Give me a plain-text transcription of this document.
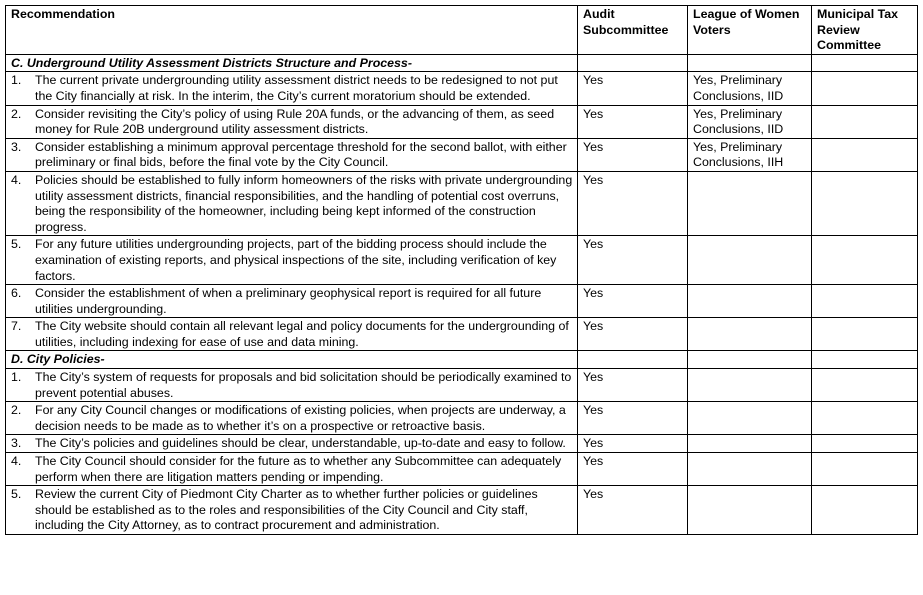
Recommendation	Audit Subcommittee	League of Women Voters	Municipal Tax Review Committee
C. Underground Utility Assessment Districts Structure and Process-			

1. The current private undergrounding utility assessment district needs to be redesigned to not put the City financially at risk. In the interim, the City’s current moratorium should be extended.	Yes	Yes, Preliminary Conclusions, IID	

2. Consider revisiting the City’s policy of using Rule 20A funds, or the advancing of them, as seed money for Rule 20B underground utility assessment districts.	Yes	Yes, Preliminary Conclusions, IID	

3. Consider establishing a minimum approval percentage threshold for the second ballot, with either preliminary or final bids, before the final vote by the City Council.	Yes	Yes, Preliminary Conclusions, IIH	

4. Policies should be established to fully inform homeowners of the risks with private undergrounding utility assessment districts, financial responsibilities, and the handling of potential cost overruns, being the responsibility of the homeowner, including being kept informed of the construction progress.	Yes		

5. For any future utilities undergrounding projects, part of the bidding process should include the examination of existing reports, and physical inspections of the site, including verification of key factors.	Yes		

6. Consider the establishment of when a preliminary geophysical report is required for all future utilities undergrounding.	Yes		

7. The City website should contain all relevant legal and policy documents for the undergrounding of utilities, including indexing for ease of use and data mining.	Yes		
D. City Policies-			

1. The City’s system of requests for proposals and bid solicitation should be periodically examined to prevent potential abuses.	Yes		

2. For any City Council changes or modifications of existing policies, when projects are underway, a decision needs to be made as to whether it’s on a prospective or retroactive basis.	Yes		

3. The City’s policies and guidelines should be clear, understandable, up-to-date and easy to follow.	Yes		

4. The City Council should consider for the future as to whether any Subcommittee can adequately perform when there are litigation matters pending or impending.	Yes		

5. Review the current City of Piedmont City Charter as to whether further policies or guidelines should be established as to the roles and responsibilities of the City Council and City staff, including the City Attorney, as to contract procurement and administration.	Yes		
